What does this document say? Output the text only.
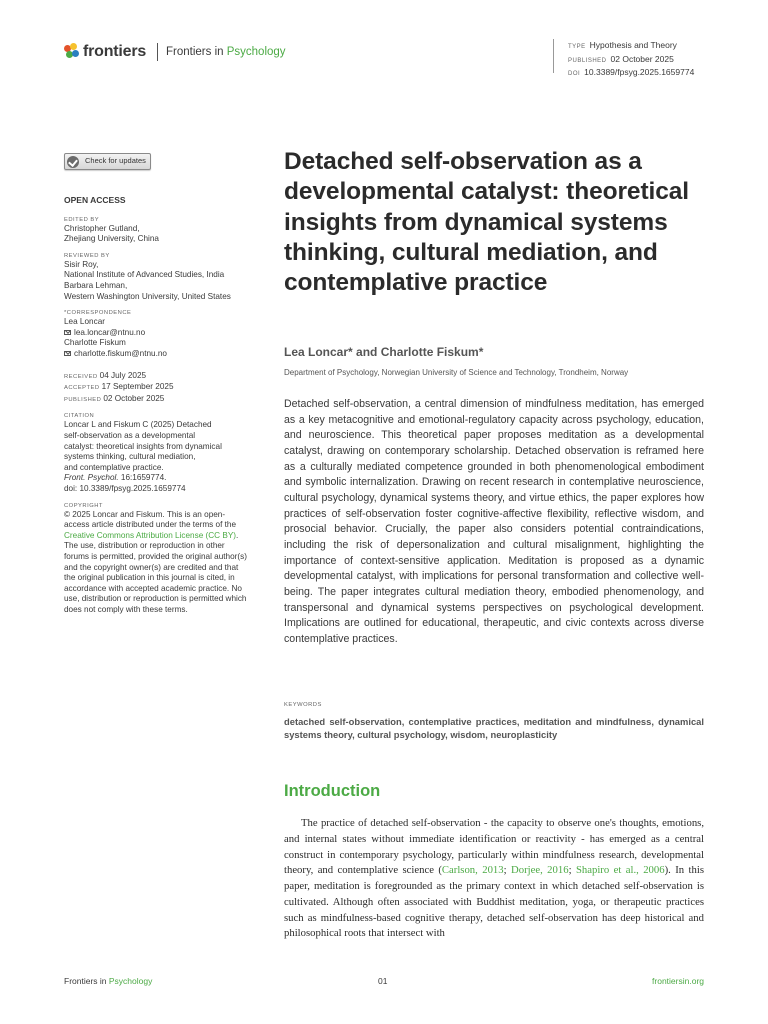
frontiers Frontiers in Psychology	TYPE Hypothesis and Theory
PUBLISHED 02 October 2025
DOI 10.3389/fpsyg.2025.1659774
Check for updates
OPEN ACCESS
EDITED BY
Christopher Gutland,
Zhejiang University, China
REVIEWED BY
Sisir Roy,
National Institute of Advanced Studies, India
Barbara Lehman,
Western Washington University, United States
*CORRESPONDENCE
Lea Loncar
lea.loncar@ntnu.no
Charlotte Fiskum
charlotte.fiskum@ntnu.no
RECEIVED 04 July 2025
ACCEPTED 17 September 2025
PUBLISHED 02 October 2025
CITATION
Loncar L and Fiskum C (2025) Detached
self-observation as a developmental
catalyst: theoretical insights from dynamical
systems thinking, cultural mediation,
and contemplative practice.
Front. Psychol. 16:1659774.
doi: 10.3389/fpsyg.2025.1659774
COPYRIGHT
© 2025 Loncar and Fiskum. This is an open-access article distributed under the terms of the Creative Commons Attribution License (CC BY). The use, distribution or reproduction in other forums is permitted, provided the original author(s) and the copyright owner(s) are credited and that the original publication in this journal is cited, in accordance with accepted academic practice. No use, distribution or reproduction is permitted which does not comply with these terms.
Detached self-observation as a developmental catalyst: theoretical insights from dynamical systems thinking, cultural mediation, and contemplative practice
Lea Loncar* and Charlotte Fiskum*
Department of Psychology, Norwegian University of Science and Technology, Trondheim, Norway

Detached self-observation, a central dimension of mindfulness meditation, has emerged as a key metacognitive and emotional-regulatory capacity across psychology, education, and neuroscience. This theoretical paper proposes meditation as a developmental catalyst, drawing on contemporary scholarship. Detached observation is reframed here as a culturally mediated competence grounded in both phenomenological embodiment and symbolic internalization. Drawing on recent research in contemplative neuroscience, cultural psychology, dynamical systems theory, and virtue ethics, the paper explores how practices of self-observation foster cognitive-affective flexibility, reflective wisdom, and prosocial behavior. Crucially, the paper also considers potential contraindications, including the risk of depersonalization and cultural misalignment, highlighting the importance of context-sensitive application. Meditation is proposed as a dynamic developmental catalyst, with implications for personal transformation and collective well-being. The paper integrates cultural mediation theory, embodied phenomenology, and transpersonal and dynamical systems perspectives on psychological development. Implications are outlined for educational, therapeutic, and civic contexts across diverse contemplative practices.

KEYWORDS
detached self-observation, contemplative practices, meditation and mindfulness, dynamical systems theory, cultural psychology, wisdom, neuroplasticity
Introduction

The practice of detached self-observation - the capacity to observe one's thoughts, emotions, and internal states without immediate identification or reactivity - has emerged as a central construct in contemporary psychology, particularly within mindfulness research, developmental theory, and contemplative science (Carlson, 2013; Dorjee, 2016; Shapiro et al., 2006). In this paper, meditation is foregrounded as the primary context in which detached self-observation is cultivated. Although often associated with Buddhist meditation, yoga, or therapeutic practices such as mindfulness-based cognitive therapy, detached self-observation has deep historical and philosophical roots that intersect with

Frontiers in Psychology	01	frontiersin.org
